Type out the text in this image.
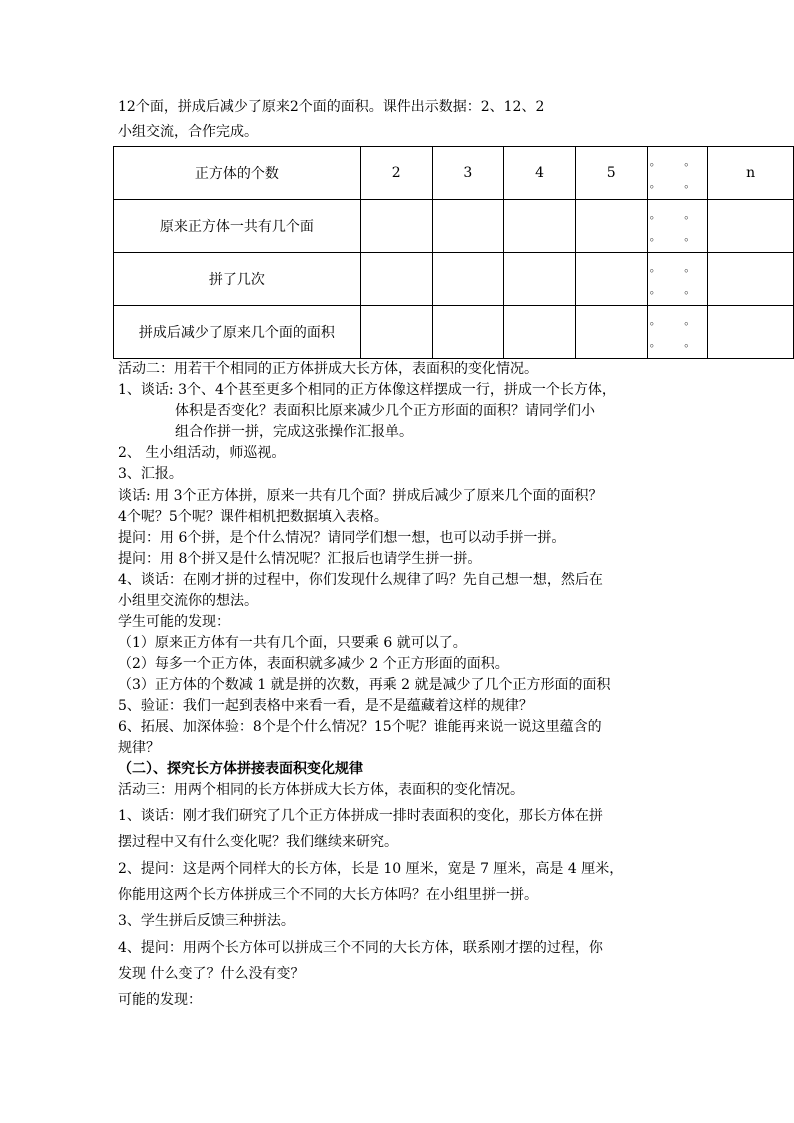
12个面，拼成后减少了原来2个面的面积。课件出示数据：2、12、2
小组交流，合作完成。
正方体的个数	2	3	4	5	。 。 。 。	n
原来正方体一共有几个面					。 。 。 。	
拼了几次					。 。 。 。	
拼成后减少了原来几个面的面积					。 。 。 。	
活动二：用若干个相同的正方体拼成大长方体，表面积的变化情况。
1、谈话: 3个、4个甚至更多个相同的正方体像这样摆成一行，拼成一个长方体，
体积是否变化？表面积比原来减少几个正方形面的面积？请同学们小
组合作拼一拼，完成这张操作汇报单。
2、 生小组活动，师巡视。
3、汇报。
谈话: 用 3个正方体拼，原来一共有几个面？拼成后减少了原来几个面的面积？
4个呢？5个呢？课件相机把数据填入表格。
提问：用 6个拼，是个什么情况？请同学们想一想，也可以动手拼一拼。
提问：用 8个拼又是什么情况呢？汇报后也请学生拼一拼。
4、谈话：在刚才拼的过程中，你们发现什么规律了吗？先自己想一想，然后在
小组里交流你的想法。
学生可能的发现：
（1）原来正方体有一共有几个面，只要乘 6 就可以了。
（2）每多一个正方体，表面积就多减少 2 个正方形面的面积。
（3）正方体的个数减 1 就是拼的次数，再乘 2 就是减少了几个正方形面的面积
5、验证：我们一起到表格中来看一看，是不是蕴藏着这样的规律？
6、拓展、加深体验：8个是个什么情况？15个呢？谁能再来说一说这里蕴含的
规律？
（二）、探究长方体拼接表面积变化规律
活动三：用两个相同的长方体拼成大长方体，表面积的变化情况。
1、谈话：刚才我们研究了几个正方体拼成一排时表面积的变化，那长方体在拼
摆过程中又有什么变化呢？我们继续来研究。
2、提问：这是两个同样大的长方体，长是 10 厘米，宽是 7 厘米，高是 4 厘米，
你能用这两个长方体拼成三个不同的大长方体吗？在小组里拼一拼。
3、学生拼后反馈三种拼法。
4、提问：用两个长方体可以拼成三个不同的大长方体，联系刚才摆的过程，你
发现 什么变了？什么没有变？
可能的发现：
